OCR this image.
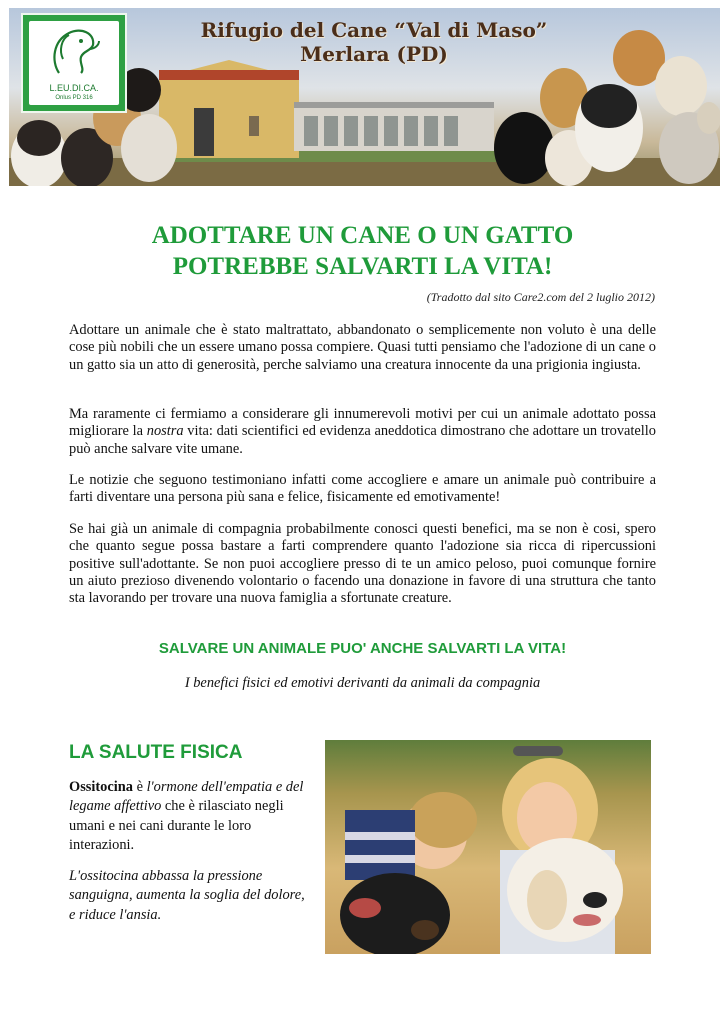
L.EU.DI.CA.
Onlus PD 316
Rifugio del Cane “Val di Maso”
Merlara (PD)
ADOTTARE UN CANE O UN GATTO
POTREBBE SALVARTI LA VITA!
(Tradotto dal sito Care2.com del 2 luglio 2012)

Adottare un animale che è stato maltrattato, abbandonato o semplicemente non voluto è una delle cose più nobili che un essere umano possa compiere. Quasi tutti pensiamo che l'adozione di un cane o un gatto sia un atto di generosità, perche salviamo una creatura innocente da una prigionia ingiusta.

Ma raramente ci fermiamo a considerare gli innumerevoli motivi per cui un animale adottato possa migliorare la nostra vita: dati scientifici ed evidenza aneddotica dimostrano che adottare un trovatello può anche salvare vite umane.

Le notizie che seguono testimoniano infatti come accogliere e amare un animale può contribuire a farti diventare una persona più sana e felice, fisicamente ed emotivamente!

Se hai già un animale di compagnia probabilmente conosci questi benefici, ma se non è cosi, spero che quanto segue possa bastare a farti comprendere quanto l'adozione sia ricca di ripercussioni positive sull'adottante. Se non puoi accogliere presso di te un amico peloso, puoi comunque fornire un aiuto prezioso divenendo volontario o facendo una donazione in favore di una struttura che tanto sta lavorando per trovare una nuova famiglia a sfortunate creature.

SALVARE UN ANIMALE PUO' ANCHE SALVARTI LA VITA!
I benefici fisici ed emotivi derivanti da animali da compagnia
LA SALUTE FISICA

Ossitocina è l'ormone dell'empatia e del legame affettivo che è rilasciato negli umani e nei cani durante le loro interazioni.

L'ossitocina abbassa la pressione sanguigna, aumenta la soglia del dolore, e riduce l'ansia.
